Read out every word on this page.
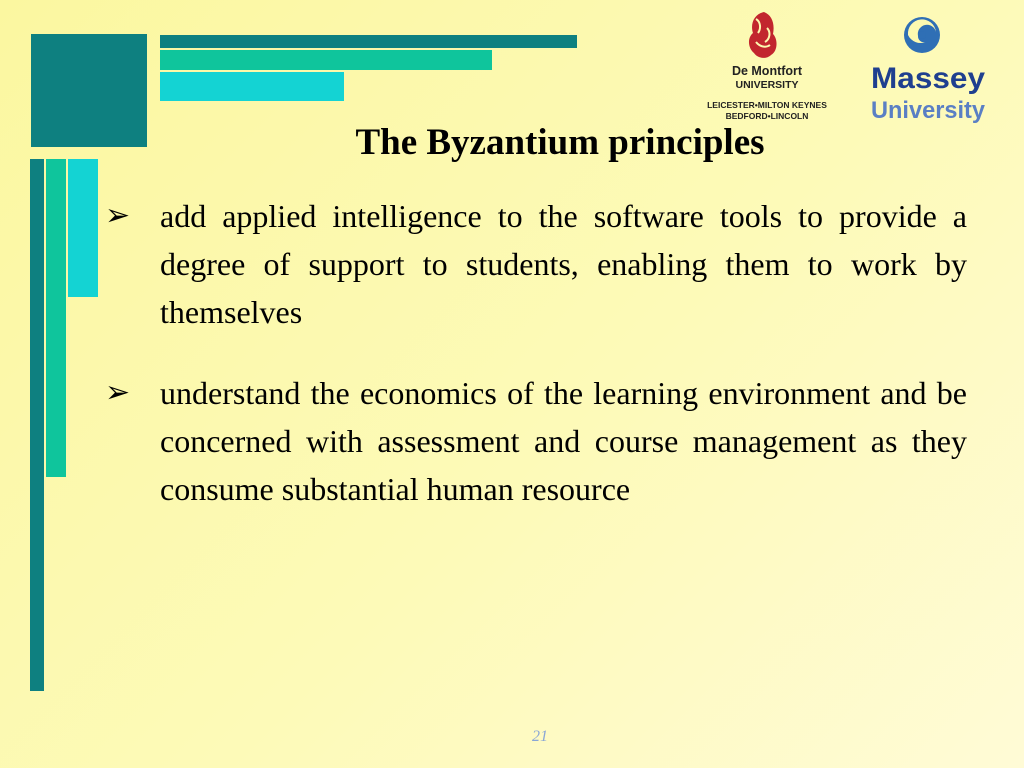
De Montfort
UNIVERSITY
LEICESTER•MILTON KEYNES
BEDFORD•LINCOLN
Massey
University
The Byzantium principles
➢ add applied intelligence to the software tools to provide a degree of support to students, enabling them to work by themselves
➢ understand the economics of the learning environment and be concerned with assessment and course management as they consume substantial human resource
21
